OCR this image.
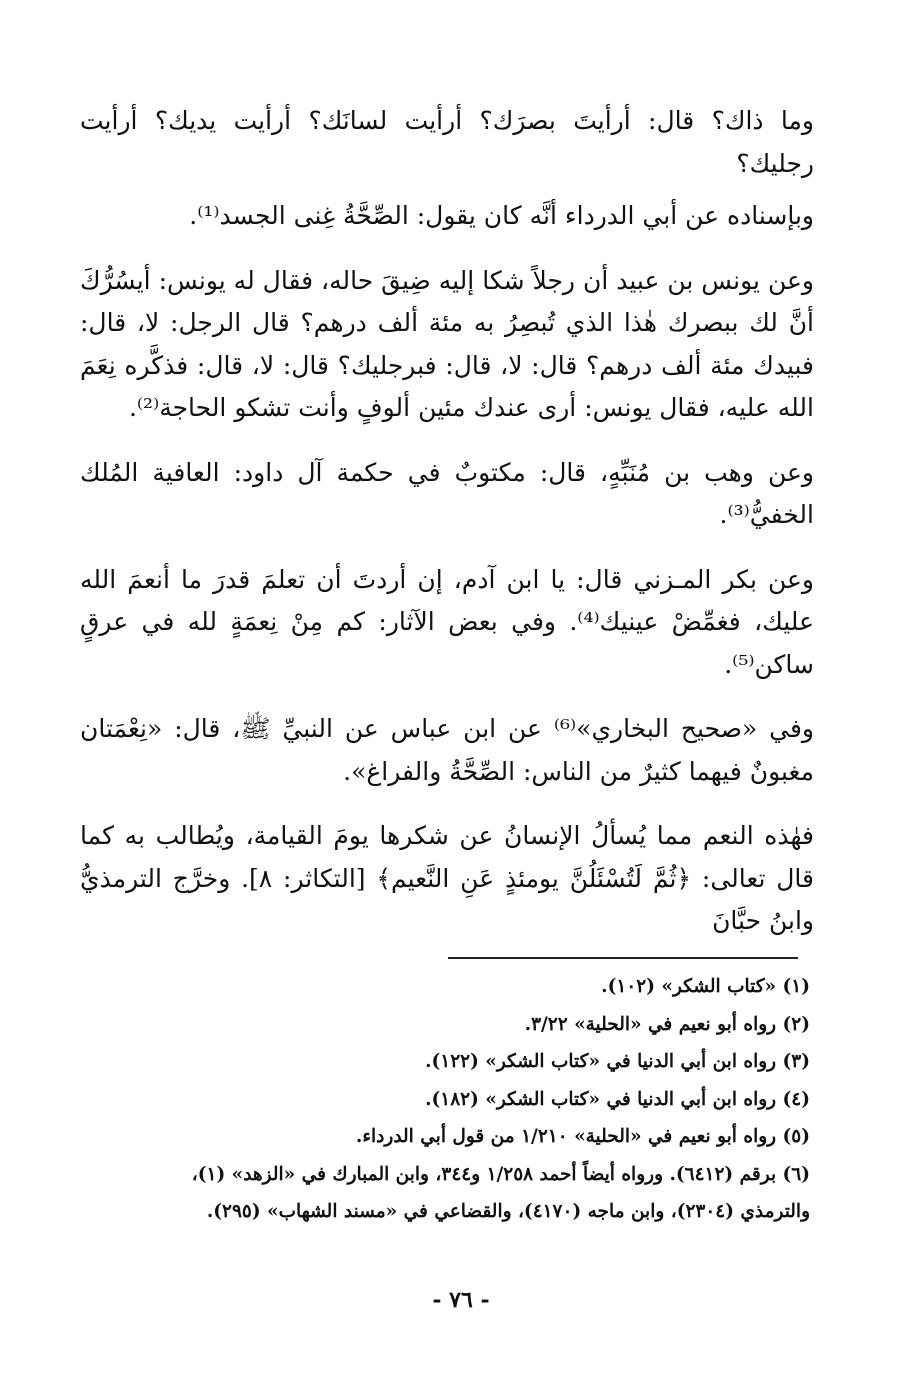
وما ذاك؟ قال: أرأيتَ بصرَك؟ أرأيت لسانَك؟ أرأيت يديك؟ أرأيت رجليك؟

وبإسناده عن أبي الدرداء أنَّه كان يقول: الصِّحَّةُ غِنى الجسد⁽¹⁾.

وعن يونس بن عبيد أن رجلاً شكا إليه ضِيقَ حاله، فقال له يونس: أيسُرُّكَ أنَّ لك ببصرك هٰذا الذي تُبصِرُ به مئة ألف درهم؟ قال الرجل: لا، قال: فبيدك مئة ألف درهم؟ قال: لا، قال: فبرجليك؟ قال: لا، قال: فذكَّره نِعَمَ الله عليه، فقال يونس: أرى عندك مئين ألوفٍ وأنت تشكو الحاجة⁽²⁾.

وعن وهب بن مُنَبِّهٍ، قال: مكتوبٌ في حكمة آل داود: العافية المُلك الخفيُّ⁽³⁾.

وعن بكر المـزني قال: يا ابن آدم، إن أردتَ أن تعلمَ قدرَ ما أنعمَ الله عليك، فغمِّضْ عينيك⁽⁴⁾. وفي بعض الآثار: كم مِنْ نِعمَةٍ لله في عرقٍ ساكن⁽⁵⁾.

وفي «صحيح البخاري»⁽⁶⁾ عن ابن عباس عن النبيِّ ﷺ، قال: «نِعْمَتان مغبونٌ فيهما كثيرٌ من الناس: الصِّحَّةُ والفراغ».

فهٰذه النعم مما يُسألُ الإنسانُ عن شكرها يومَ القيامة، ويُطالب به كما قال تعالى: ﴿ثُمَّ لَتُسْئَلُنَّ يومئذٍ عَنِ النَّعيم﴾ [التكاثر: ٨]. وخرَّج الترمذيُّ وابنُ حبَّانَ

(١) «كتاب الشكر» (١٠٢).
(٢) رواه أبو نعيم في «الحلية» ٣/٢٢.
(٣) رواه ابن أبي الدنيا في «كتاب الشكر» (١٢٢).
(٤) رواه ابن أبي الدنيا في «كتاب الشكر» (١٨٢).
(٥) رواه أبو نعيم في «الحلية» ١/٢١٠ من قول أبي الدرداء.
(٦) برقم (٦٤١٢). ورواه أيضاً أحمد ١/٢٥٨ و٣٤٤، وابن المبارك في «الزهد» (١)،
والترمذي (٢٣٠٤)، وابن ماجه (٤١٧٠)، والقضاعي في «مسند الشهاب» (٢٩٥).
- ٧٦ -
